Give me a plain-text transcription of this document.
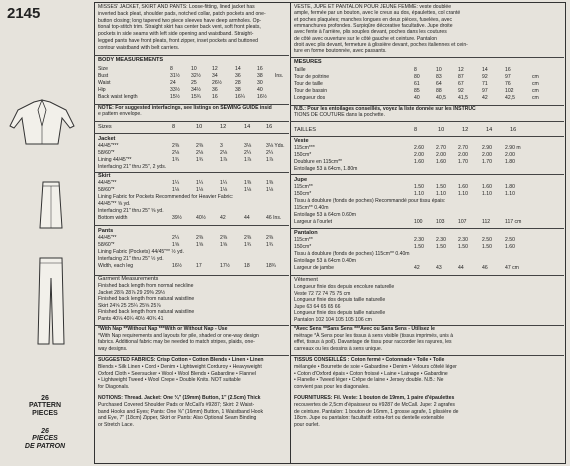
2145
26
PATTERN
PIECES
26
PIECES
DE PATRON
MISSES' JACKET, SKIRT AND PANTS: Loose-fitting, lined jacket has
inverted back pleat, shoulder pads, notched collar, patch pockets and one-
button closing; long tapered two piece sleeves have deep armholes. Op-
tional top-stitch trim. Straight skirt has center back vent, soft front pleats,
pockets in side seams with left side opening and waistband. Straight-
legged pants have front pleats, front zipper, inset pockets and buttoned
contour waistband with belt carriers.
BODY MEASUREMENTS
Size	8	10	12	14	16
Bust	31½ 32½ 34	36	38 Ins.
Waist	24	25	26½	28	30
Hip	33½ 34½ 36	38	40
Back waist length	15½ 15¾ 16	16¼ 16½
NOTE: For suggested interfacings, see listings on SEWING GUIDE insid
e pattern envelope.
Sizes	8	10	12	14	16
Jacket
44/45"***	2⅜	2⅜	3	3⅛	3⅛ Yds.
58/60"*	2⅛	2⅛	2⅛	2¼	2¼
Lining 44/45"**	1¾	1¾	1⅞	1⅞	1⅞
Interfacing 21" thru 25", 2 yds.
Skirt
44/45"**	1¼	1¼	1¼	1⅜	1⅜
58/60"*	1⅛	1⅛	1⅛	1⅛	1⅛
Lining Fabric for Pockets Recommended for Heavier Fabric:
44/45"** ⅝ yd.
Interfacing 21" thru 25" ⅝ yd.
Bottom width	39½	40½	42	44	46 Ins.
Pants
44/45"**	2¼	2⅜	2⅜	2⅜	2⅜
58/60"*	1⅝	1⅝	1⅝	1¾	1¾
Lining Fabric (Pockets) 44/45"** ½ yd.
Interfacing 21" thru 25" ½ yd.
Width, each leg	16½	17	17½	18	18¾
Garment Measurements
Finished back length from normal neckline
Jacket 28⅞ 28⅞ 29 29⅜ 29½
Finished back length from natural waistline
Skirt 24⅝ 25 25¼ 25⅝ 25⅞
Finished back length from natural waistline
Pants 40⅛ 40¼ 40½ 40¾ 41
*With Nap **Without Nap ***With or Without Nap - Use
*With Nap requirements and layouts for pile, shaded or one-way design
fabrics. Additional fabric may be needed to match stripes, plaids, one-
way designs.
SUGGESTED FABRICS: Crisp Cotton • Cotton Blends • Linen • Linen
Blends • Silk Linen • Cord • Denim • Lightweight Corduroy • Heavyweight
Oxford Cloth • Seersucker • Wool • Wool Blends • Gabardine • Flannel
• Lightweight Tweed • Wool Crepe • Double Knits. NOT suitable
for Diagonals.
NOTIONS: Thread. Jacket: One ¾" (19mm) Button, 1" (2.5cm) Thick
Purchased Covered Shoulder Pads or McCall's #9287; Skirt: 2 Waist-
band Hooks and Eyes; Pants: One ⅝" (16mm) Button, 1 Waistband Hook
and Eye, 7" (18cm) Zipper, Skirt or Pants: Also Optional Seam Binding
or Stretch Lace.
VESTE, JUPE ET PANTALON POUR JEUNE FEMME: veste doublée
ample, fermée par un bouton, avec le creux au dos, épaulettes, col cranté
et poches plaquées; manches longues en deux pièces, fuselées, avec
emmanchures profondes. Surpiqûre décorative facultative. Jupe droite
avec fente à l'arrière, plis souples devant, poches dans les coutures
de côté avec ouverture sur le côté gauche et ceinture. Pantalon
droit avec plis devant, fermeture à glissière devant, poches italiennes et cein-
ture en forme boutonnée, avec passants.
MESURES
Taille	8	10	12	14	16
Tour de poitrine	80	83	87	92	97	cm
Tour de taille	61	64	67	71	76	cm
Tour de bassin	85	88	92	97	102	cm
Longueur dos	40	40,5 41,5	42	42,5	cm
N.B.: Pour les entoilages conseillés, voyez la liste donnée sur les INSTRUC
TIONS DE COUTURE dans la pochette.
TAILLES	8	10	12	14	16
Veste
115cm***	2.60 2.70 2.70	2.90	2.90 m
150cm*	2.00 2.00 2.00	2.00	2.00
Doublure en 115cm**	1.60 1.60 1.70	1.70	1.80
Entoilage 53 à 64cm, 1.80m
Jupe
115cm**	1.50 1.50 1.60	1.60	1.80
150cm*	1.10 1.10 1.10	1.10	1.10
Tissu à doublure (fonds de poches) Recommandé pour tissu épais:
115cm** 0.40m
Entoilage 53 à 64cm 0.60m
Largeur à l'ourlet	100	103	107	112	117 cm
Pantalon
115cm**	2.30 2.30 2.30	2.50	2.50
150cm*	1.50 1.50 1.50	1.50	1.60
Tissu à doublure (fonds de poches) 115cm** 0.40m
Entoilage 53 à 64cm 0.40m
Largeur de jambe	42	43	44	46	47 cm
Vêtement
Longueur finie dos depuis encolure naturelle
Veste 72 72 74 75 75 cm
Longueur finie dos depuis taille naturelle
Jupe 63 64 65 65 66
Longueur finie dos depuis taille naturelle
Pantalon 102 104 105 105 106 cm
*Avec Sens **Sans Sens ***Avec ou Sans Sens - Utilisez le
métrage *À Sens pour les tissus à sens visible (tissus imprimés, unis à
effet, tissus à poil). Davantage de tissu pour raccorder les rayures, les
carreaux ou les dessins à sens unique.
TISSUS CONSEILLÉS : Coton fermé • Cotonnade • Toile • Toile
mélangée • Bourrette de soie • Gabardine • Denim • Velours côtelé léger
• Coton d'Oxford épais • Coton froissé • Laine • Lainage • Gabardine
• Flanelle • Tweed léger • Crêpe de laine • Jersey double. N.B.: Ne
convient pas pour les diagonales.
FOURNITURES: Fil. Veste: 1 bouton de 19mm, 1 paire d'épaulettes
recouvertes de 2,5cm d'épaisseur ou #9287 de McCall. Jupe: 2 agrafes
de ceinture. Pantalon: 1 bouton de 16mm, 1 grosse agrafe, 1 glissière de
18cm. Jupe ou pantalon: facultatif: extra-fort ou dentelle extensible
pour ourlet.
